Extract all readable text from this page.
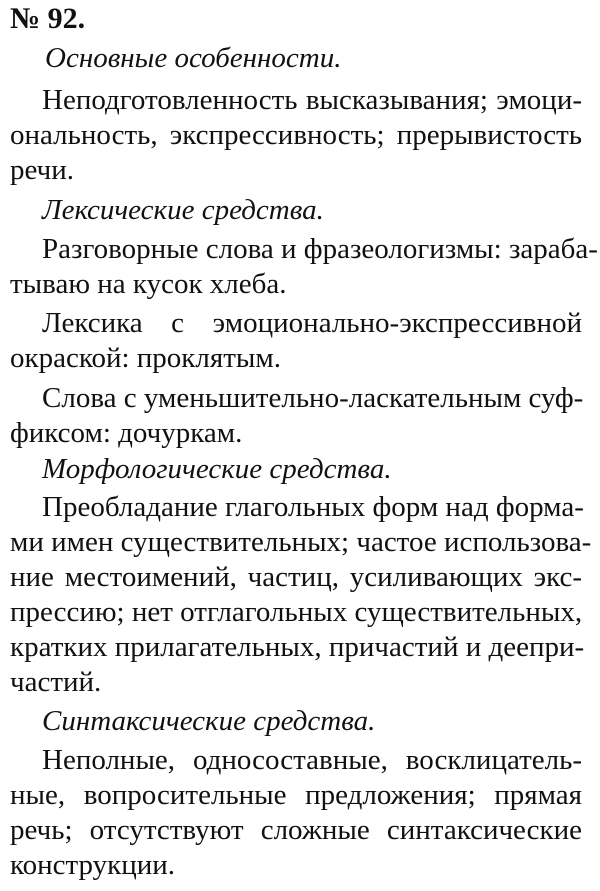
№ 92.
Основные особенности.
Неподготовленность высказывания; эмоци-
ональность, экспрессивность; прерывистость
речи.
Лексические средства.
Разговорные слова и фразеологизмы: зараба-
тываю на кусок хлеба.
Лексика с эмоционально-экспрессивной
окраской: проклятым.
Слова с уменьшительно-ласкательным суф-
фиксом: дочуркам.
Морфологические средства.
Преобладание глагольных форм над форма-
ми имен существительных; частое использова-
ние местоимений, частиц, усиливающих экс-
прессию; нет отглагольных существительных,
кратких прилагательных, причастий и деепри-
частий.
Синтаксические средства.
Неполные, односоставные, восклицатель-
ные, вопросительные предложения; прямая
речь; отсутствуют сложные синтаксические
конструкции.
